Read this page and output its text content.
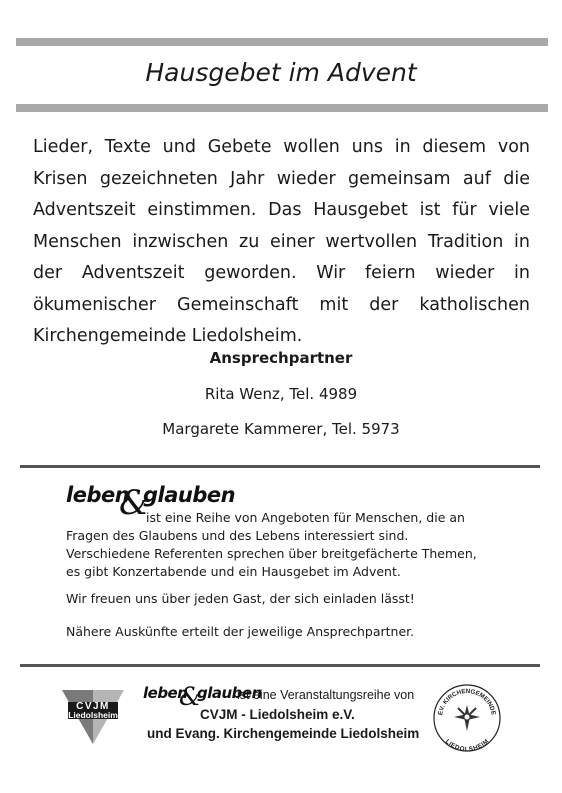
Hausgebet im Advent
Lieder, Texte und Gebete wollen uns in diesem von Krisen gezeichneten Jahr wieder gemeinsam auf die Adventszeit einstimmen. Das Hausgebet ist für viele Menschen inzwischen zu einer wertvollen Tradition in der Adventszeit geworden. Wir feiern wieder in ökumenischer Gemeinschaft mit der katholischen Kirchengemeinde Liedolsheim.
Ansprechpartner
Rita Wenz, Tel. 4989
Margarete Kammerer, Tel. 5973
leben
&
glauben
ist eine Reihe von Angeboten für Menschen, die an
Fragen des Glaubens und des Lebens interessiert sind.
Verschiedene Referenten sprechen über breitgefächerte Themen,
es gibt Konzertabende und ein Hausgebet im Advent.
Wir freuen uns über jeden Gast, der sich einladen lässt!
Nähere Auskünfte erteilt der jeweilige Ansprechpartner.
CVJM
Liedolsheim
leben
&
glauben
ist eine Veranstaltungsreihe von
CVJM - Liedolsheim e.V.
und Evang. Kirchengemeinde Liedolsheim
EV. KIRCHENGEMEINDE
LIEDOLSHEIM
